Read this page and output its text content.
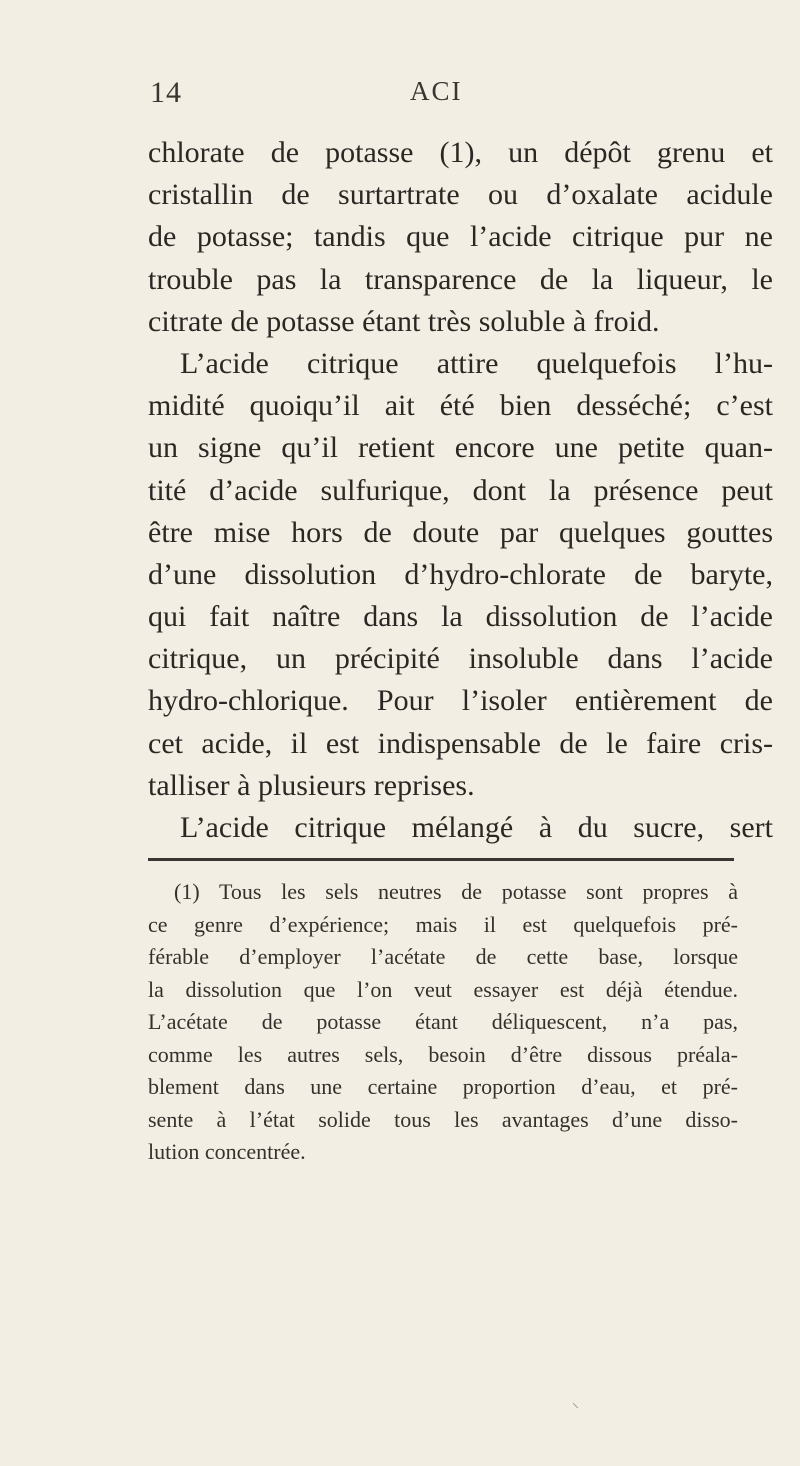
14	ACI
chlorate de potasse (1), un dépôt grenu et
cristallin de surtartrate ou d’oxalate acidule
de potasse; tandis que l’acide citrique pur ne
trouble pas la transparence de la liqueur, le
citrate de potasse étant très soluble à froid.
L’acide citrique attire quelquefois l’hu-
midité quoiqu’il ait été bien desséché; c’est
un signe qu’il retient encore une petite quan-
tité d’acide sulfurique, dont la présence peut
être mise hors de doute par quelques gouttes
d’une dissolution d’hydro-chlorate de baryte,
qui fait naître dans la dissolution de l’acide
citrique, un précipité insoluble dans l’acide
hydro-chlorique. Pour l’isoler entièrement de
cet acide, il est indispensable de le faire cris-
talliser à plusieurs reprises.
L’acide citrique mélangé à du sucre, sert
(1) Tous les sels neutres de potasse sont propres à
ce genre d’expérience; mais il est quelquefois pré-
férable d’employer l’acétate de cette base, lorsque
la dissolution que l’on veut essayer est déjà étendue.
L’acétate de potasse étant déliquescent, n’a pas,
comme les autres sels, besoin d’être dissous préala-
blement dans une certaine proportion d’eau, et pré-
sente à l’état solide tous les avantages d’une disso-
lution concentrée.
⸌
